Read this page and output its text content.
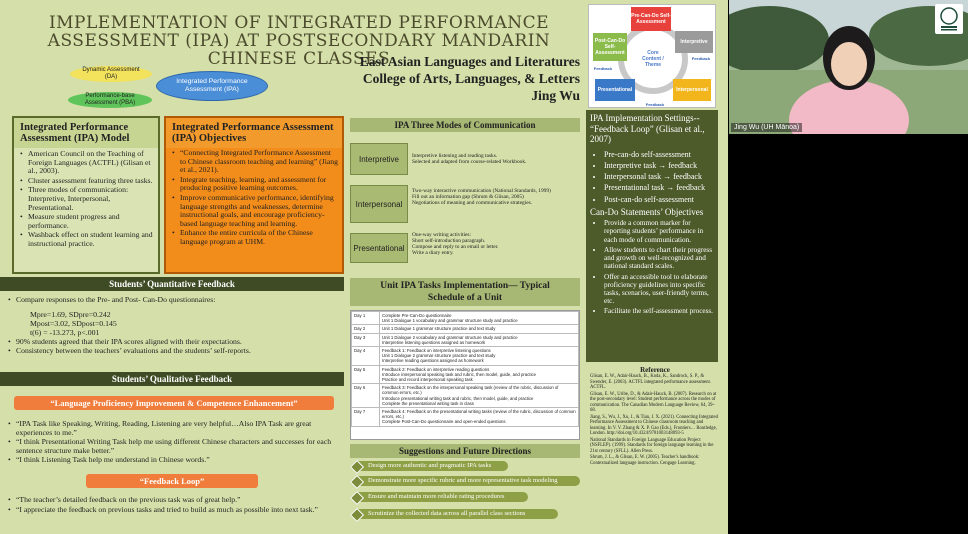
IMPLEMENTATION OF INTEGRATED PERFORMANCE ASSESSMENT (IPA) AT POSTSECONDARY MANDARIN CHINESE CLASSES
Dynamic Assessment (DA)
Integrated Performance Assessment (IPA)
Performance-base Assessment (PBA)
East Asian Languages and Literatures
College of Arts, Languages, & Letters
Jing Wu
Integrated Performance Assessment (IPA) Model
• American Council on the Teaching of Foreign Languages (ACTFL) (Glisan et al., 2003).
• Cluster assessment featuring three tasks.
• Three modes of communication: Interpretive, Interpersonal, Presentational.
• Measure student progress and performance.
• Washback effect on student learning and instructional practice.
Integrated Performance Assessment (IPA) Objectives
• “Connecting Integrated Performance Assessment to Chinese classroom teaching and learning” (Jiang et al., 2021).
• Integrate teaching, learning, and assessment for producing positive learning outcomes.
• Improve communicative performance, identifying language strengths and weaknesses, determine instructional goals, and encourage proficiency-based language teaching and learning.
• Enhance the entire curricula of the Chinese language program at UHM.
Students’ Quantitative Feedback
• Compare responses to the Pre- and Post- Can-Do questionnaires:
Mpre=1.69, SDpre=0.242
Mpost=3.02, SDpost=0.145
t(6) = -13.273, p<.001
• 90% students agreed that their IPA scores aligned with their expectations.
• Consistency between the teachers’ evaluations and the students’ self-reports.
Students’ Qualitative Feedback
“Language Proficiency Improvement & Competence Enhancement”
• “IPA Task like Speaking, Writing, Reading, Listening are very helpful…Also IPA Task are great experiences to me.”
• “I think Presentational Writing Task help me using different Chinese characters and successes for each sentence structure make better.”
• “I think Listening Task help me understand in Chinese words.”
“Feedback Loop”
• “The teacher’s detailed feedback on the previous task was of great help.”
• “I appreciate the feedback on previous tasks and tried to build as much as possible into next task.”
IPA Three Modes of Communication
Interpretive	Interpretive listening and reading tasks.
Selected and adapted from course-related Workbook.
Interpersonal
Two-way interactive communication (National Standards, 1999)
Fill out an information gap (Shrum & Glisan, 2005)
Negotiations of meaning and communicative strategies.
Presentational
One-way writing activities:
Short self-introduction paragraph.
Compose and reply to an email or letter.
Write a diary entry.
Unit IPA Tasks Implementation— Typical Schedule of a Unit
Day 1	Complete Pre-Can-Do questionnaire
Unit 1 Dialogue 1 vocabulary and grammar structure study and practice

Day 2	Unit 1 Dialogue 1 grammar structure practice and text study

Day 3	Unit 1 Dialogue 2 vocabulary and grammar structure study and practice
Interpretive listening questions assigned as homework

Day 4	Feedback 1: Feedback on interpretive listening questions
Unit 1 Dialogue 2 grammar structure practice and text study
Interpretive reading questions assigned as homework

Day 5	Feedback 2: Feedback on interpretive reading questions
Introduce interpersonal speaking task and rubric, then model, guide, and practice
Practice and record interpersonal speaking task

Day 6	Feedback 3: Feedback on the interpersonal speaking task (review of the rubric, discussion of common errors, etc.)
Introduce presentational writing task and rubric, then model, guide, and practice
Complete the presentational writing task in class

Day 7	Feedback 4: Feedback on the presentational writing tasks (review of the rubric, discussion of common errors, etc.)
Complete Post-Can-Do questionnaire and open-ended questions
Suggestions and Future Directions
Design more authentic and pragmatic IPA tasks
Demonstrate more specific rubric and more representative task modeling
Ensure and maintain more reliable rating procedures
Scrutinize the collected data across all parallel class sections
Pre-Can-Do Self-Assessment
Interpretive
Interpersonal
Presentational
Post-Can-Do Self-Assessment	Core Content / Theme
Feedback
Feedback
Feedback
IPA Implementation Settings-- “Feedback Loop” (Glisan et al., 2007)
• Pre-can-do self-assessment
• Interpretive task → feedback
• Interpersonal task → feedback
• Presentational task → feedback
• Post-can-do self-assessment
Can-Do Statements’ Objectives
• Provide a common marker for reporting students’ performance in each mode of communication.
• Allow students to chart their progress and growth on well-recognized and national standard scales.
• Offer an accessible tool to elaborate proficiency guidelines into specific tasks, scenarios, user-friendly terms, etc.
• Facilitate the self-assessment process.
Reference
Glisan, E. W., Adair-Hauck, B., Koda, K., Sandrock, S. P., & Swender, E. (2003). ACTFL integrated performance assessment. ACTFL.
Glisan, E. W., Uribe, D., & Adair-Hauck, B. (2007). Research on at the post-secondary level: Student performance across the modes of communication. The Canadian Modern Language Review, 64, 39–68.
Jiang, S., Wu, J., Xu, J., & Tian, J. X. (2021). Connecting Integrated Performance Assessment to Chinese classroom teaching and learning. In V. V. Zhang & X. P. Gao (Eds.), Frontiers… Routledge, London. http://doi.org/10.4324/9781003148093-5
National Standards in Foreign Language Education Project (NSFLEP). (1999). Standards for foreign language learning in the 21st century (SFLL). Allen Press.
Shrum, J. L., & Glisan, E. W. (2005). Teacher's handbook: Contextualized language instruction. Cengage Learning.
Jing Wu (UH Mānoa)
